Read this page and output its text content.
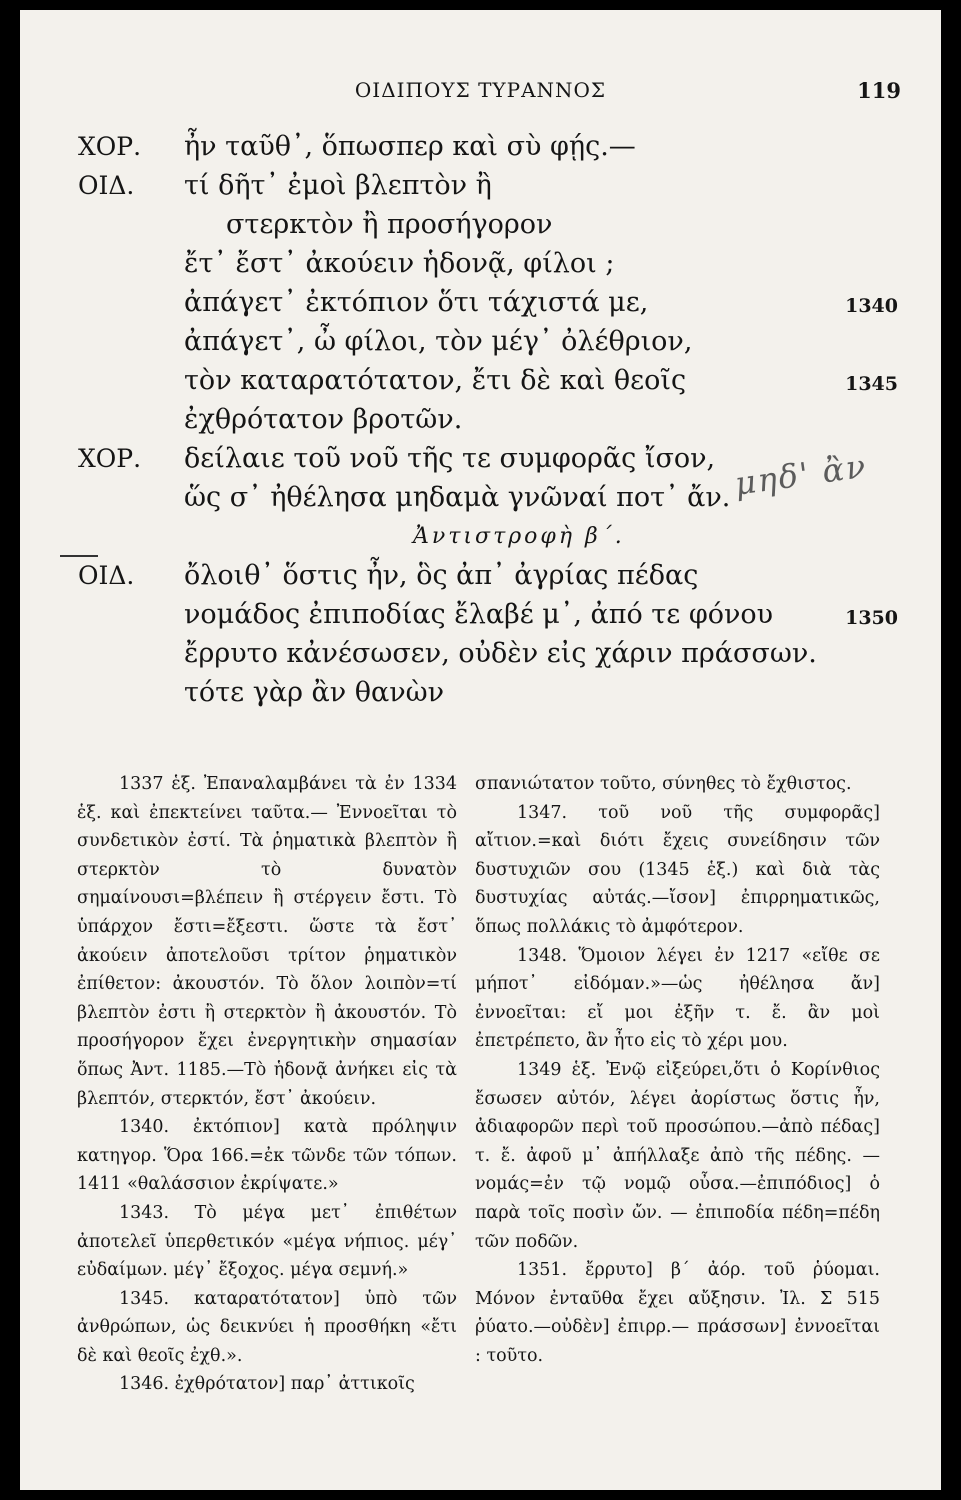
ΟΙΔΙΠΟΥΣ ΤΥΡΑΝΝΟΣ	119
ΧΟΡ. ἦν ταῦθ᾽, ὅπωσπερ καὶ σὺ φῄς.—
ΟΙΔ. τί δῆτ᾽ ἐμοὶ βλεπτὸν ἢ
στερκτὸν ἢ προσήγορον
ἔτ᾽ ἔστ᾽ ἀκούειν ἡδονᾷ, φίλοι ;
ἀπάγετ᾽ ἐκτόπιον ὅτι τάχιστά με,	1340
ἀπάγετ᾽, ὦ φίλοι, τὸν μέγ᾽ ὀλέθριον,
τὸν καταρατότατον, ἔτι δὲ καὶ θεοῖς	1345
ἐχθρότατον βροτῶν.
ΧΟΡ. δείλαιε τοῦ νοῦ τῆς τε συμφορᾶς ἴσον,
ὥς σ᾽ ἠθέλησα μηδαμὰ γνῶναί ποτ᾽ ἄν.
Ἀντιστροφὴ β΄.
ΟΙΔ. ὄλοιθ᾽ ὅστις ἦν, ὃς ἀπ᾽ ἀγρίας πέδας
νομάδος ἐπιποδίας ἔλαβέ μ᾽, ἀπό τε φόνου	1350
ἔρρυτο κἀνέσωσεν, οὐδὲν εἰς χάριν πράσσων.
τότε γὰρ ἂν θανὼν
μηδ' ἂν

1337 ἑξ. Ἐπαναλαμβάνει τὰ ἐν 1334 ἑξ. καὶ ἐπεκτείνει ταῦτα.— Ἐννοεῖται τὸ συνδετικὸν ἐστί. Τὰ ῥηματικὰ βλεπτὸν ἢ στερκτὸν τὸ δυνατὸν σημαίνουσι=βλέπειν ἢ στέργειν ἔστι. Τὸ ὑπάρχον ἔστι=ἔξεστι. ὥστε τὰ ἔστ᾽ ἀκούειν ἀποτελοῦσι τρίτον ῥηματικὸν ἐπίθετον: ἀκουστόν. Τὸ ὅλον λοιπὸν=τί βλεπτὸν ἐστι ἢ στερκτὸν ἢ ἀκουστόν. Τὸ προσήγορον ἔχει ἐνεργητικὴν σημασίαν ὅπως Ἀντ. 1185.—Τὸ ἡδονᾷ ἀνήκει εἰς τὰ βλεπτόν, στερκτόν, ἔστ᾽ ἀκούειν.

1340. ἐκτόπιον] κατὰ πρόληψιν κατηγορ. Ὅρα 166.=ἐκ τῶνδε τῶν τόπων. 1411 «θαλάσσιον ἐκρίψατε.»

1343. Τὸ μέγα μετ᾽ ἐπιθέτων ἀποτελεῖ ὑπερθετικόν «μέγα νήπιος. μέγ᾽ εὐδαίμων. μέγ᾽ ἔξοχος. μέγα σεμνή.»

1345. καταρατότατον] ὑπὸ τῶν ἀνθρώπων, ὡς δεικνύει ἡ προσθήκη «ἔτι δὲ καὶ θεοῖς ἐχθ.».

1346. ἐχθρότατον] παρ᾽ ἀττικοῖς

σπανιώτατον τοῦτο, σύνηθες τὸ ἔχθιστος.

1347. τοῦ νοῦ τῆς συμφορᾶς] αἴτιον.=καὶ διότι ἔχεις συνείδησιν τῶν δυστυχιῶν σου (1345 ἑξ.) καὶ διὰ τὰς δυστυχίας αὐτάς.—ἴσον] ἐπιρρηματικῶς, ὅπως πολλάκις τὸ ἀμφότερον.

1348. Ὅμοιον λέγει ἐν 1217 «εἴθε σε μήποτ᾽ εἰδόμαν.»—ὡς ἠθέλησα ἄν] ἐννοεῖται: εἴ μοι ἐξῆν τ. ἔ. ἂν μοὶ ἐπετρέπετο, ἂν ἦτο εἰς τὸ χέρι μου.

1349 ἑξ. Ἐνῷ εἰξεύρει,ὅτι ὁ Κορίνθιος ἔσωσεν αὐτόν, λέγει ἀορίστως ὅστις ἦν, ἀδιαφορῶν περὶ τοῦ προσώπου.—ἀπὸ πέδας] τ. ἔ. ἀφοῦ μ᾽ ἀπήλλαξε ἀπὸ τῆς πέδης. — νομάς=ἐν τῷ νομῷ οὖσα.—ἐπιπόδιος] ὁ παρὰ τοῖς ποσὶν ὤν. — ἐπιποδία πέδη=πέδη τῶν ποδῶν.

1351. ἔρρυτο] β΄ ἀόρ. τοῦ ῥύομαι. Μόνον ἐνταῦθα ἔχει αὔξησιν. Ἰλ. Σ 515 ῥύατο.—οὐδὲν] ἐπιρρ.— πράσσων] ἐννοεῖται : τοῦτο.
